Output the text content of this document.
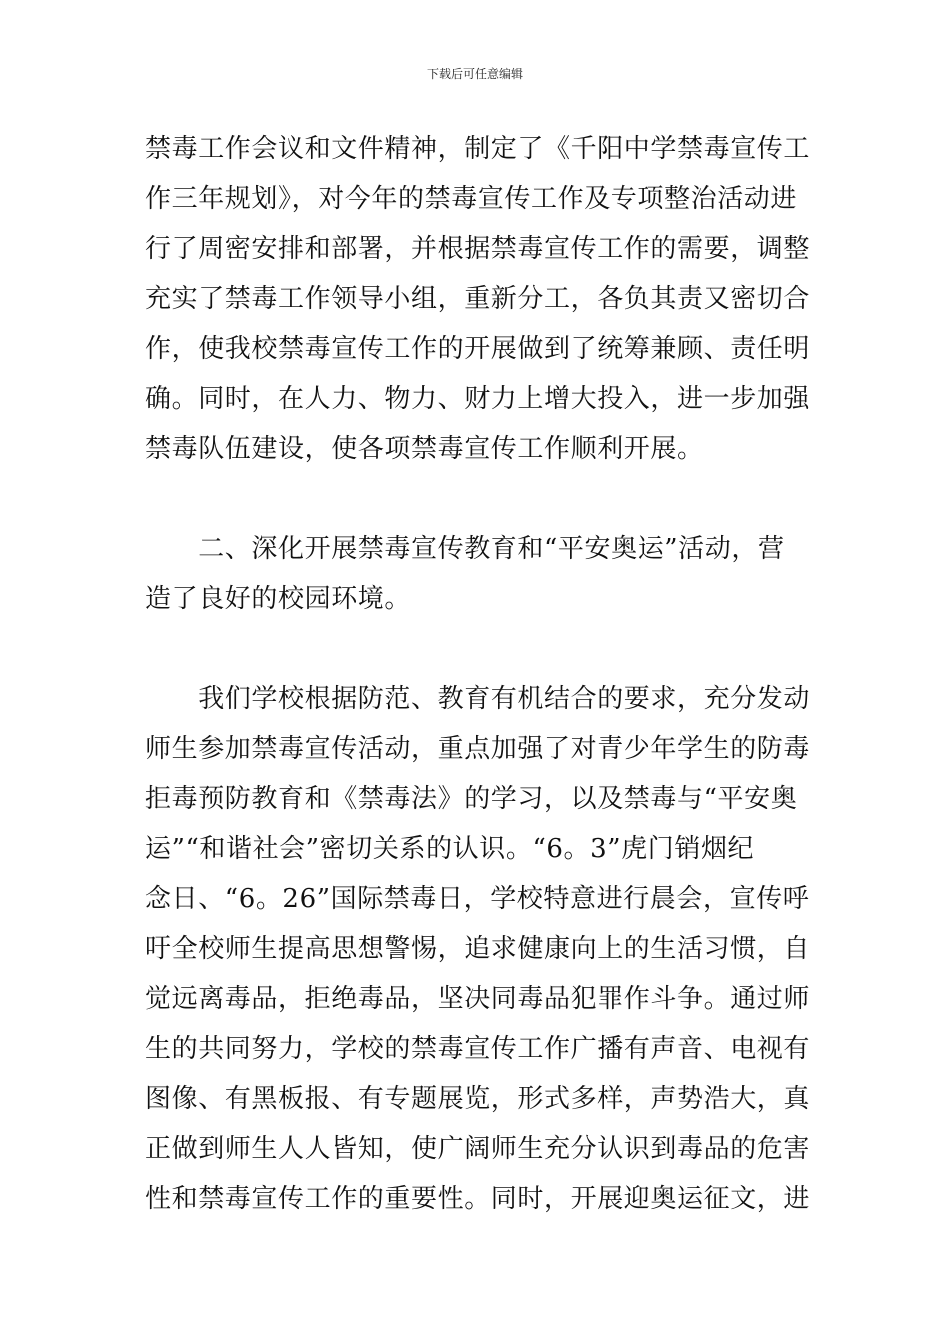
下载后可任意编辑
禁毒工作会议和文件精神，制定了《千阳中学禁毒宣传工
作三年规划》，对今年的禁毒宣传工作及专项整治活动进
行了周密安排和部署，并根据禁毒宣传工作的需要，调整
充实了禁毒工作领导小组，重新分工，各负其责又密切合
作，使我校禁毒宣传工作的开展做到了统筹兼顾、责任明
确。同时，在人力、物力、财力上增大投入，进一步加强
禁毒队伍建设，使各项禁毒宣传工作顺利开展。
　　二、深化开展禁毒宣传教育和“平安奥运”活动，营
造了良好的校园环境。
　　我们学校根据防范、教育有机结合的要求，充分发动
师生参加禁毒宣传活动，重点加强了对青少年学生的防毒
拒毒预防教育和《禁毒法》的学习，以及禁毒与“平安奥
运”“和谐社会”密切关系的认识。“6。3”虎门销烟纪
念日、“6。26”国际禁毒日，学校特意进行晨会，宣传呼
吁全校师生提高思想警惕，追求健康向上的生活习惯，自
觉远离毒品，拒绝毒品，坚决同毒品犯罪作斗争。通过师
生的共同努力，学校的禁毒宣传工作广播有声音、电视有
图像、有黑板报、有专题展览，形式多样，声势浩大，真
正做到师生人人皆知，使广阔师生充分认识到毒品的危害
性和禁毒宣传工作的重要性。同时，开展迎奥运征文，进
